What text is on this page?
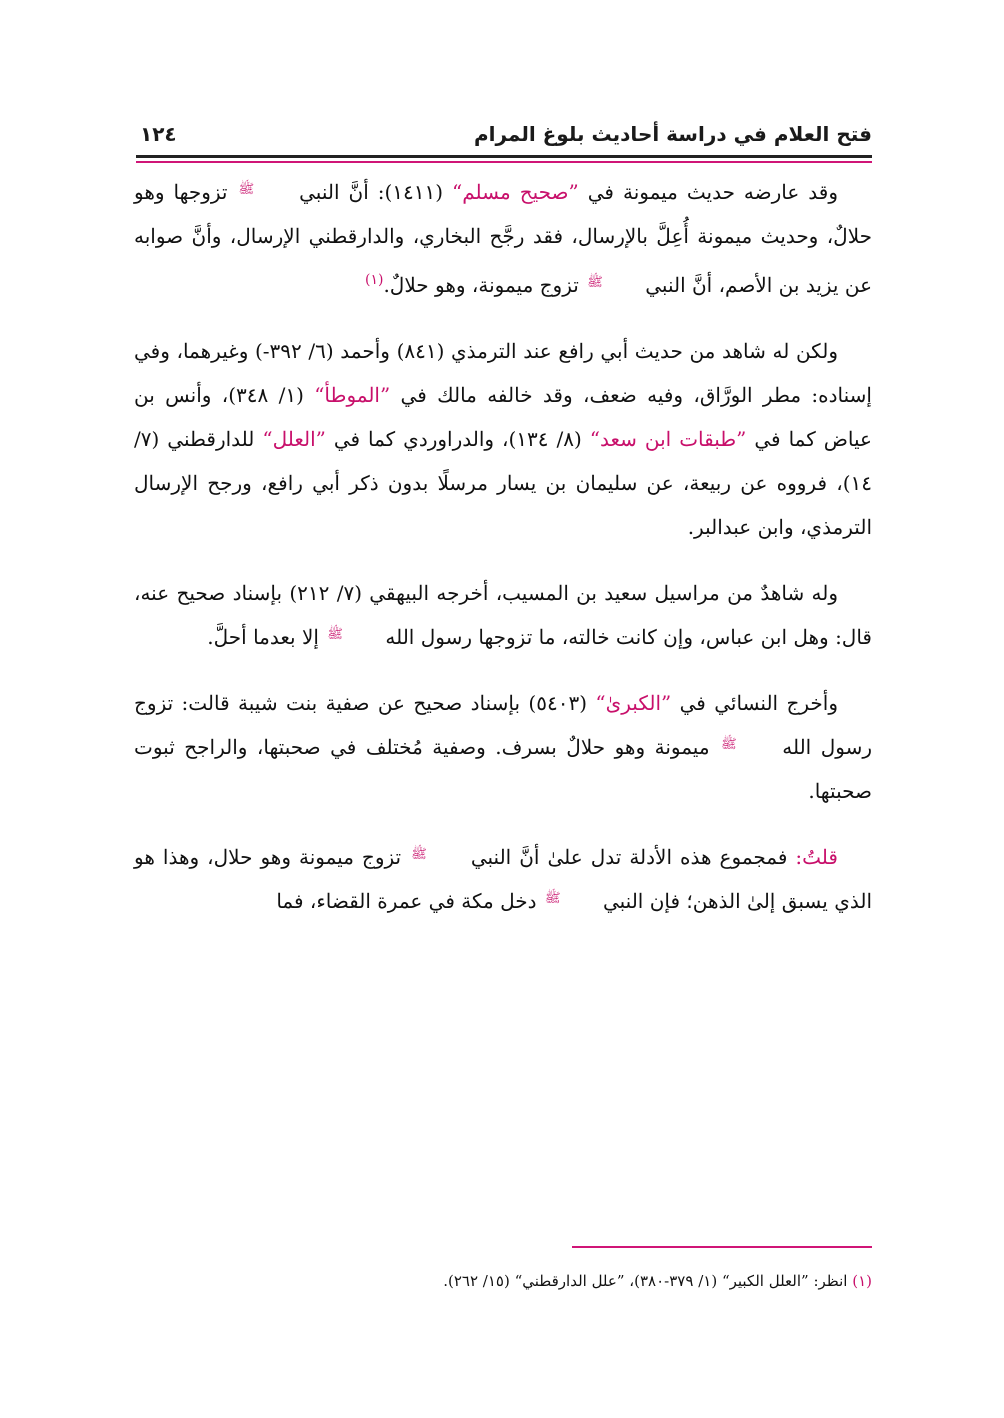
فتح العلام في دراسة أحاديث بلوغ المرام
١٢٤

وقد عارضه حديث ميمونة في ”صحيح مسلم“ (١٤١١): أنَّ النبي ﷺ تزوجها وهو حلالٌ، وحديث ميمونة أُعِلَّ بالإرسال، فقد رجَّح البخاري، والدارقطني الإرسال، وأنَّ صوابه عن يزيد بن الأصم، أنَّ النبي ﷺ تزوج ميمونة، وهو حلالٌ.$^{(١)}$

ولكن له شاهد من حديث أبي رافع عند الترمذي (٨٤١) وأحمد (٦/ ٣٩٢-) وغيرهما، وفي إسناده: مطر الورَّاق، وفيه ضعف، وقد خالفه مالك في ”الموطأ“ (١/ ٣٤٨)، وأنس بن عياض كما في ”طبقات ابن سعد“ (٨/ ١٣٤)، والدراوردي كما في ”العلل“ للدارقطني (٧/ ١٤)، فرووه عن ربيعة، عن سليمان بن يسار مرسلًا بدون ذكر أبي رافع، ورجح الإرسال الترمذي، وابن عبدالبر.

وله شاهدٌ من مراسيل سعيد بن المسيب، أخرجه البيهقي (٧/ ٢١٢) بإسناد صحيح عنه، قال: وهل ابن عباس، وإن كانت خالته، ما تزوجها رسول الله ﷺ إلا بعدما أحلَّ.

وأخرج النسائي في ”الكبرىٰ“ (٥٤٠٣) بإسناد صحيح عن صفية بنت شيبة قالت: تزوج رسول الله ﷺ ميمونة وهو حلالٌ بسرف. وصفية مُختلف في صحبتها، والراجح ثبوت صحبتها.

قلتُ: فمجموع هذه الأدلة تدل علىٰ أنَّ النبي ﷺ تزوج ميمونة وهو حلال، وهذا هو الذي يسبق إلىٰ الذهن؛ فإن النبي ﷺ دخل مكة في عمرة القضاء، فما

(١) انظر: ”العلل الكبير“ (١/ ٣٧٩-٣٨٠)، ”علل الدارقطني“ (١٥/ ٢٦٢).
